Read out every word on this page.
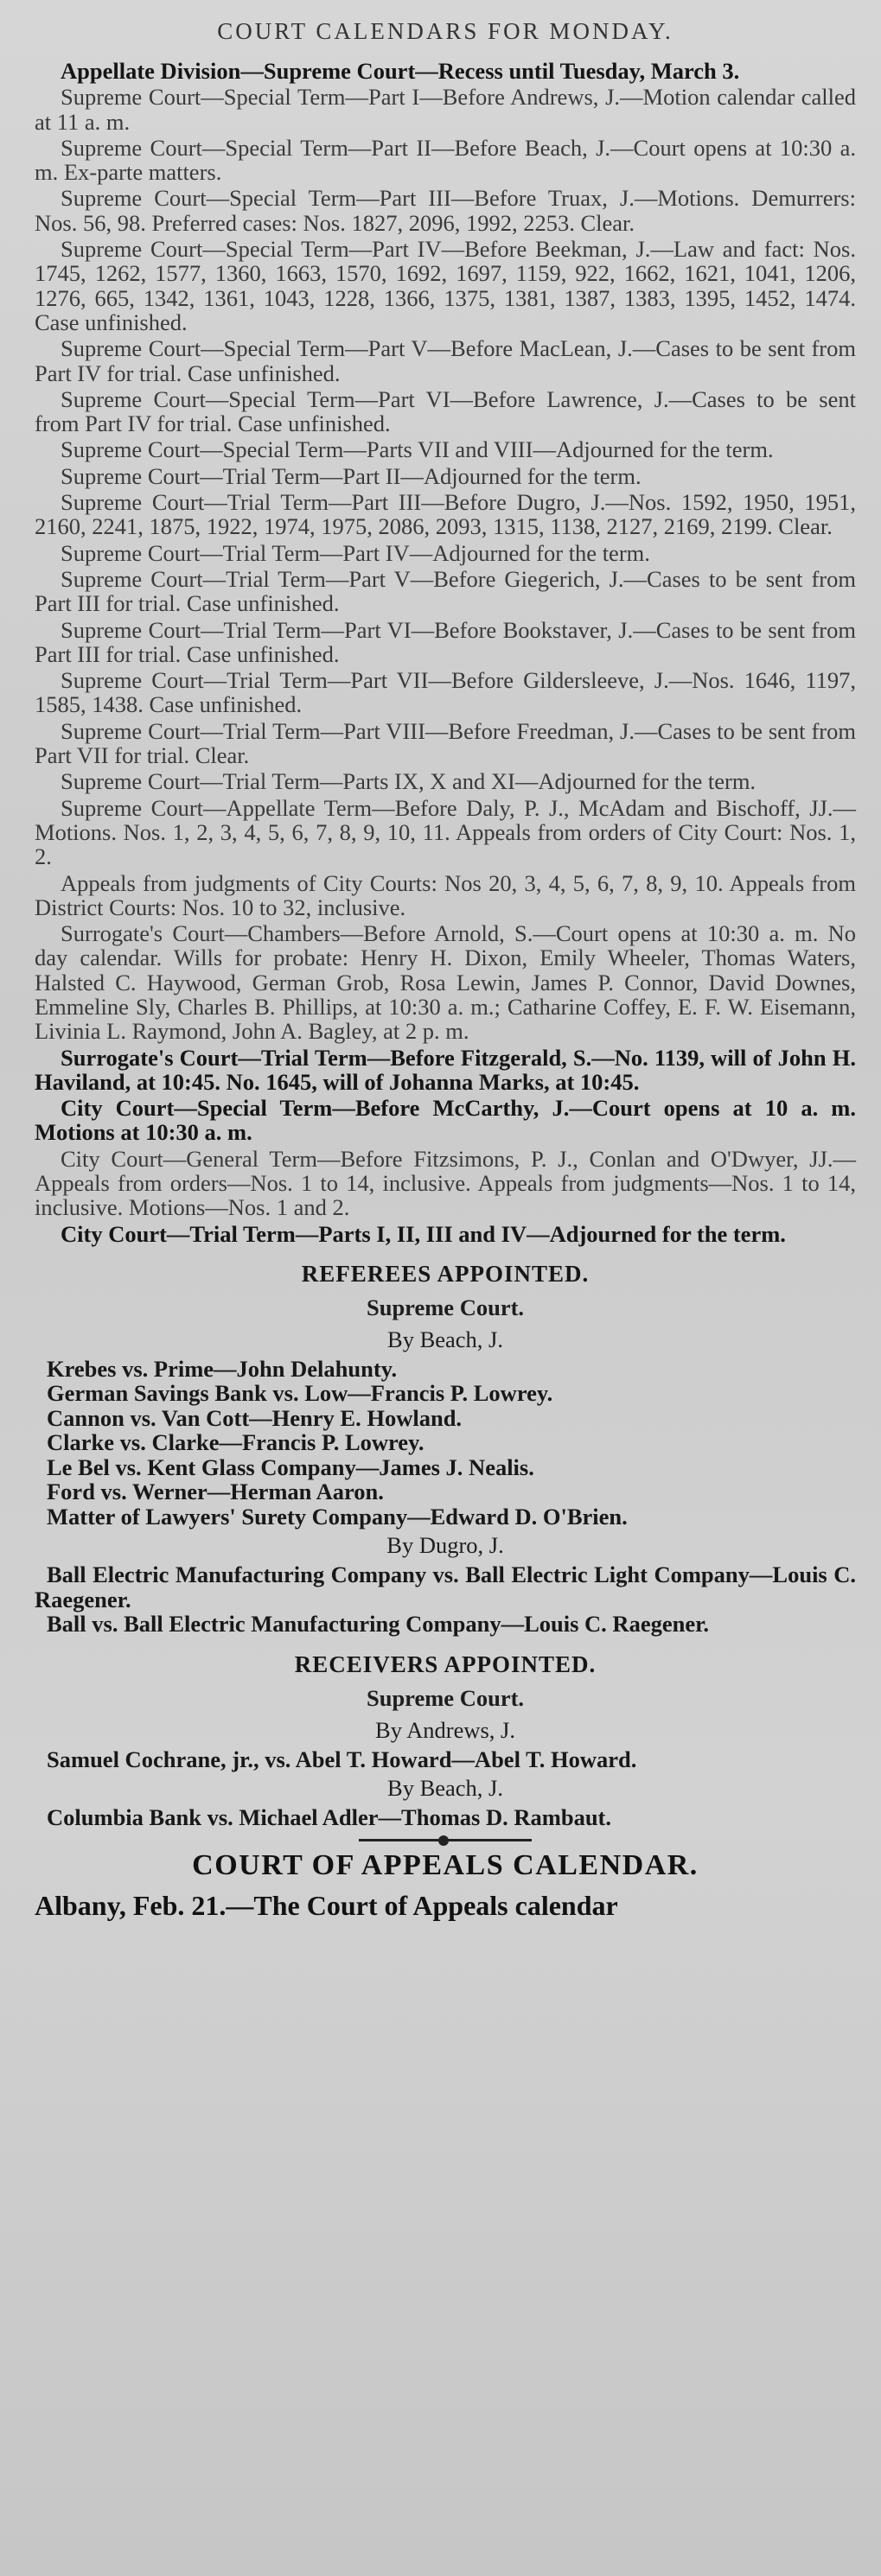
COURT CALENDARS FOR MONDAY.

Appellate Division—Supreme Court—Recess until Tuesday, March 3.

Supreme Court—Special Term—Part I—Before Andrews, J.—Motion calendar called at 11 a. m.

Supreme Court—Special Term—Part II—Before Beach, J.—Court opens at 10:30 a. m. Ex-parte matters.

Supreme Court—Special Term—Part III—Before Truax, J.—Motions. Demurrers: Nos. 56, 98. Preferred cases: Nos. 1827, 2096, 1992, 2253. Clear.

Supreme Court—Special Term—Part IV—Before Beekman, J.—Law and fact: Nos. 1745, 1262, 1577, 1360, 1663, 1570, 1692, 1697, 1159, 922, 1662, 1621, 1041, 1206, 1276, 665, 1342, 1361, 1043, 1228, 1366, 1375, 1381, 1387, 1383, 1395, 1452, 1474. Case unfinished.

Supreme Court—Special Term—Part V—Before MacLean, J.—Cases to be sent from Part IV for trial. Case unfinished.

Supreme Court—Special Term—Part VI—Before Lawrence, J.—Cases to be sent from Part IV for trial. Case unfinished.

Supreme Court—Special Term—Parts VII and VIII—Adjourned for the term.

Supreme Court—Trial Term—Part II—Adjourned for the term.

Supreme Court—Trial Term—Part III—Before Dugro, J.—Nos. 1592, 1950, 1951, 2160, 2241, 1875, 1922, 1974, 1975, 2086, 2093, 1315, 1138, 2127, 2169, 2199. Clear.

Supreme Court—Trial Term—Part IV—Adjourned for the term.

Supreme Court—Trial Term—Part V—Before Giegerich, J.—Cases to be sent from Part III for trial. Case unfinished.

Supreme Court—Trial Term—Part VI—Before Bookstaver, J.—Cases to be sent from Part III for trial. Case unfinished.

Supreme Court—Trial Term—Part VII—Before Gildersleeve, J.—Nos. 1646, 1197, 1585, 1438. Case unfinished.

Supreme Court—Trial Term—Part VIII—Before Freedman, J.—Cases to be sent from Part VII for trial. Clear.

Supreme Court—Trial Term—Parts IX, X and XI—Adjourned for the term.

Supreme Court—Appellate Term—Before Daly, P. J., McAdam and Bischoff, JJ.—Motions. Nos. 1, 2, 3, 4, 5, 6, 7, 8, 9, 10, 11. Appeals from orders of City Court: Nos. 1, 2.

Appeals from judgments of City Courts: Nos 20, 3, 4, 5, 6, 7, 8, 9, 10. Appeals from District Courts: Nos. 10 to 32, inclusive.

Surrogate's Court—Chambers—Before Arnold, S.—Court opens at 10:30 a. m. No day calendar. Wills for probate: Henry H. Dixon, Emily Wheeler, Thomas Waters, Halsted C. Haywood, German Grob, Rosa Lewin, James P. Connor, David Downes, Emmeline Sly, Charles B. Phillips, at 10:30 a. m.; Catharine Coffey, E. F. W. Eisemann, Livinia L. Raymond, John A. Bagley, at 2 p. m.

Surrogate's Court—Trial Term—Before Fitzgerald, S.—No. 1139, will of John H. Haviland, at 10:45. No. 1645, will of Johanna Marks, at 10:45.

City Court—Special Term—Before McCarthy, J.—Court opens at 10 a. m. Motions at 10:30 a. m.

City Court—General Term—Before Fitzsimons, P. J., Conlan and O'Dwyer, JJ.—Appeals from orders—Nos. 1 to 14, inclusive. Appeals from judgments—Nos. 1 to 14, inclusive. Motions—Nos. 1 and 2.

City Court—Trial Term—Parts I, II, III and IV—Adjourned for the term.

REFEREES APPOINTED.
Supreme Court.
By Beach, J.

Krebes vs. Prime—John Delahunty.

German Savings Bank vs. Low—Francis P. Lowrey.

Cannon vs. Van Cott—Henry E. Howland.

Clarke vs. Clarke—Francis P. Lowrey.

Le Bel vs. Kent Glass Company—James J. Nealis.

Ford vs. Werner—Herman Aaron.

Matter of Lawyers' Surety Company—Edward D. O'Brien.

By Dugro, J.

Ball Electric Manufacturing Company vs. Ball Electric Light Company—Louis C. Raegener.

Ball vs. Ball Electric Manufacturing Company—Louis C. Raegener.

RECEIVERS APPOINTED.
Supreme Court.
By Andrews, J.

Samuel Cochrane, jr., vs. Abel T. Howard—Abel T. Howard.

By Beach, J.

Columbia Bank vs. Michael Adler—Thomas D. Rambaut.

COURT OF APPEALS CALENDAR.

Albany, Feb. 21.—The Court of Appeals calendar
